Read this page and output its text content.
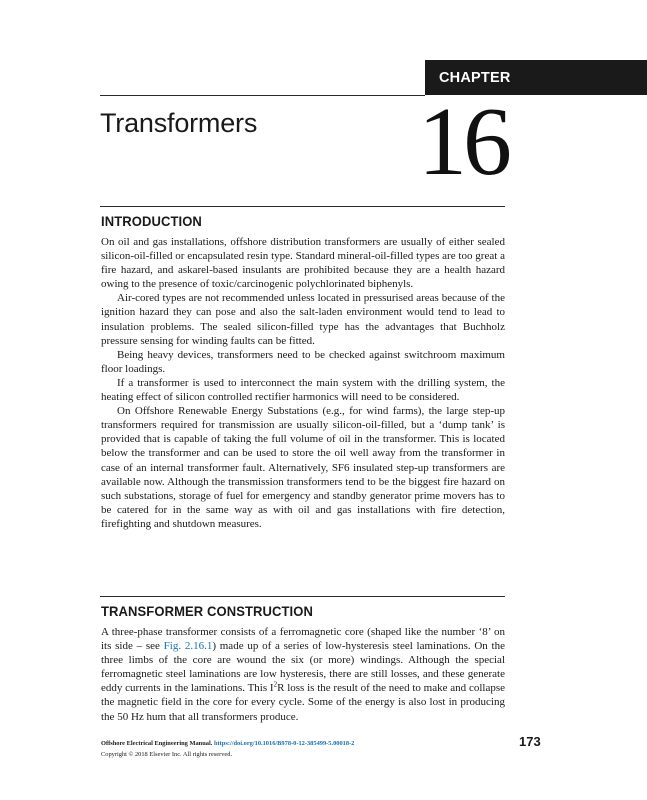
CHAPTER
Transformers 16
INTRODUCTION

On oil and gas installations, offshore distribution transformers are usually of either sealed silicon-oil-filled or encapsulated resin type. Standard mineral-oil-filled types are too great a fire hazard, and askarel-based insulants are prohibited because they are a health hazard owing to the presence of toxic/carcinogenic polychlorinated biphenyls.

Air-cored types are not recommended unless located in pressurised areas because of the ignition hazard they can pose and also the salt-laden environment would tend to lead to insulation problems. The sealed silicon-filled type has the advantages that Buchholz pressure sensing for winding faults can be fitted.

Being heavy devices, transformers need to be checked against switchroom maximum floor loadings.

If a transformer is used to interconnect the main system with the drilling system, the heating effect of silicon controlled rectifier harmonics will need to be considered.

On Offshore Renewable Energy Substations (e.g., for wind farms), the large step-up transformers required for transmission are usually silicon-oil-filled, but a ‘dump tank’ is provided that is capable of taking the full volume of oil in the transformer. This is located below the transformer and can be used to store the oil well away from the transformer in case of an internal transformer fault. Alternatively, SF6 insulated step-up transformers are available now. Although the transmission transformers tend to be the biggest fire hazard on such substations, storage of fuel for emergency and standby generator prime movers has to be catered for in the same way as with oil and gas installations with fire detection, firefighting and shutdown measures.

TRANSFORMER CONSTRUCTION

A three-phase transformer consists of a ferromagnetic core (shaped like the number ‘8’ on its side – see Fig. 2.16.1) made up of a series of low-hysteresis steel laminations. On the three limbs of the core are wound the six (or more) windings. Although the special ferromagnetic steel laminations are low hysteresis, there are still losses, and these generate eddy currents in the laminations. This $I^2R$ loss is the result of the need to make and collapse the magnetic field in the core for every cycle. Some of the energy is also lost in producing the 50 Hz hum that all transformers produce.

Offshore Electrical Engineering Manual. https://doi.org/10.1016/B978-0-12-385499-5.00018-2
Copyright © 2018 Elsevier Inc. All rights reserved.
173
